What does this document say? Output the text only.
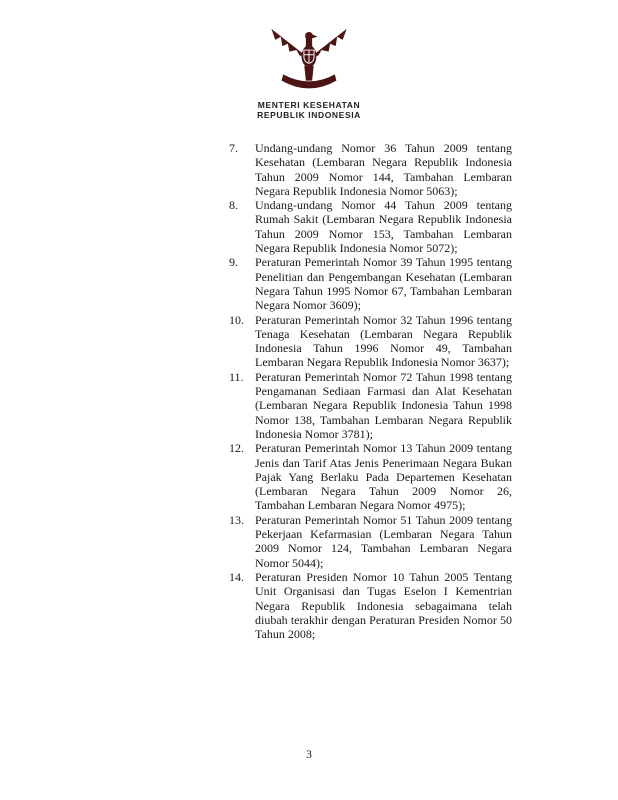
MENTERI KESEHATAN
REPUBLIK INDONESIA
7.	Undang-undang Nomor 36 Tahun 2009 tentang Kesehatan (Lembaran Negara Republik Indonesia Tahun 2009 Nomor 144, Tambahan Lembaran Negara Republik Indonesia Nomor 5063);
8.	Undang-undang Nomor 44 Tahun 2009 tentang Rumah Sakit (Lembaran Negara Republik Indonesia Tahun 2009 Nomor 153, Tambahan Lembaran Negara Republik Indonesia Nomor 5072);
9.	Peraturan Pemerintah Nomor 39 Tahun 1995 tentang Penelitian dan Pengembangan Kesehatan (Lembaran Negara Tahun 1995 Nomor 67, Tambahan Lembaran Negara Nomor 3609);
10. Peraturan Pemerintah Nomor 32 Tahun 1996 tentang Tenaga Kesehatan (Lembaran Negara Republik Indonesia Tahun 1996 Nomor 49, Tambahan Lembaran Negara Republik Indonesia Nomor 3637);
11. Peraturan Pemerintah Nomor 72 Tahun 1998 tentang Pengamanan Sediaan Farmasi dan Alat Kesehatan (Lembaran Negara Republik Indonesia Tahun 1998 Nomor 138, Tambahan Lembaran Negara Republik Indonesia Nomor 3781);
12. Peraturan Pemerintah Nomor 13 Tahun 2009 tentang Jenis dan Tarif Atas Jenis Penerimaan Negara Bukan Pajak Yang Berlaku Pada Departemen Kesehatan (Lembaran Negara Tahun 2009 Nomor 26, Tambahan Lembaran Negara Nomor 4975);
13. Peraturan Pemerintah Nomor 51 Tahun 2009 tentang Pekerjaan Kefarmasian (Lembaran Negara Tahun 2009 Nomor 124, Tambahan Lembaran Negara Nomor 5044);
14. Peraturan Presiden Nomor 10 Tahun 2005 Tentang Unit Organisasi dan Tugas Eselon I Kementrian Negara Republik Indonesia sebagaimana telah diubah terakhir dengan Peraturan Presiden Nomor 50 Tahun 2008;
3
